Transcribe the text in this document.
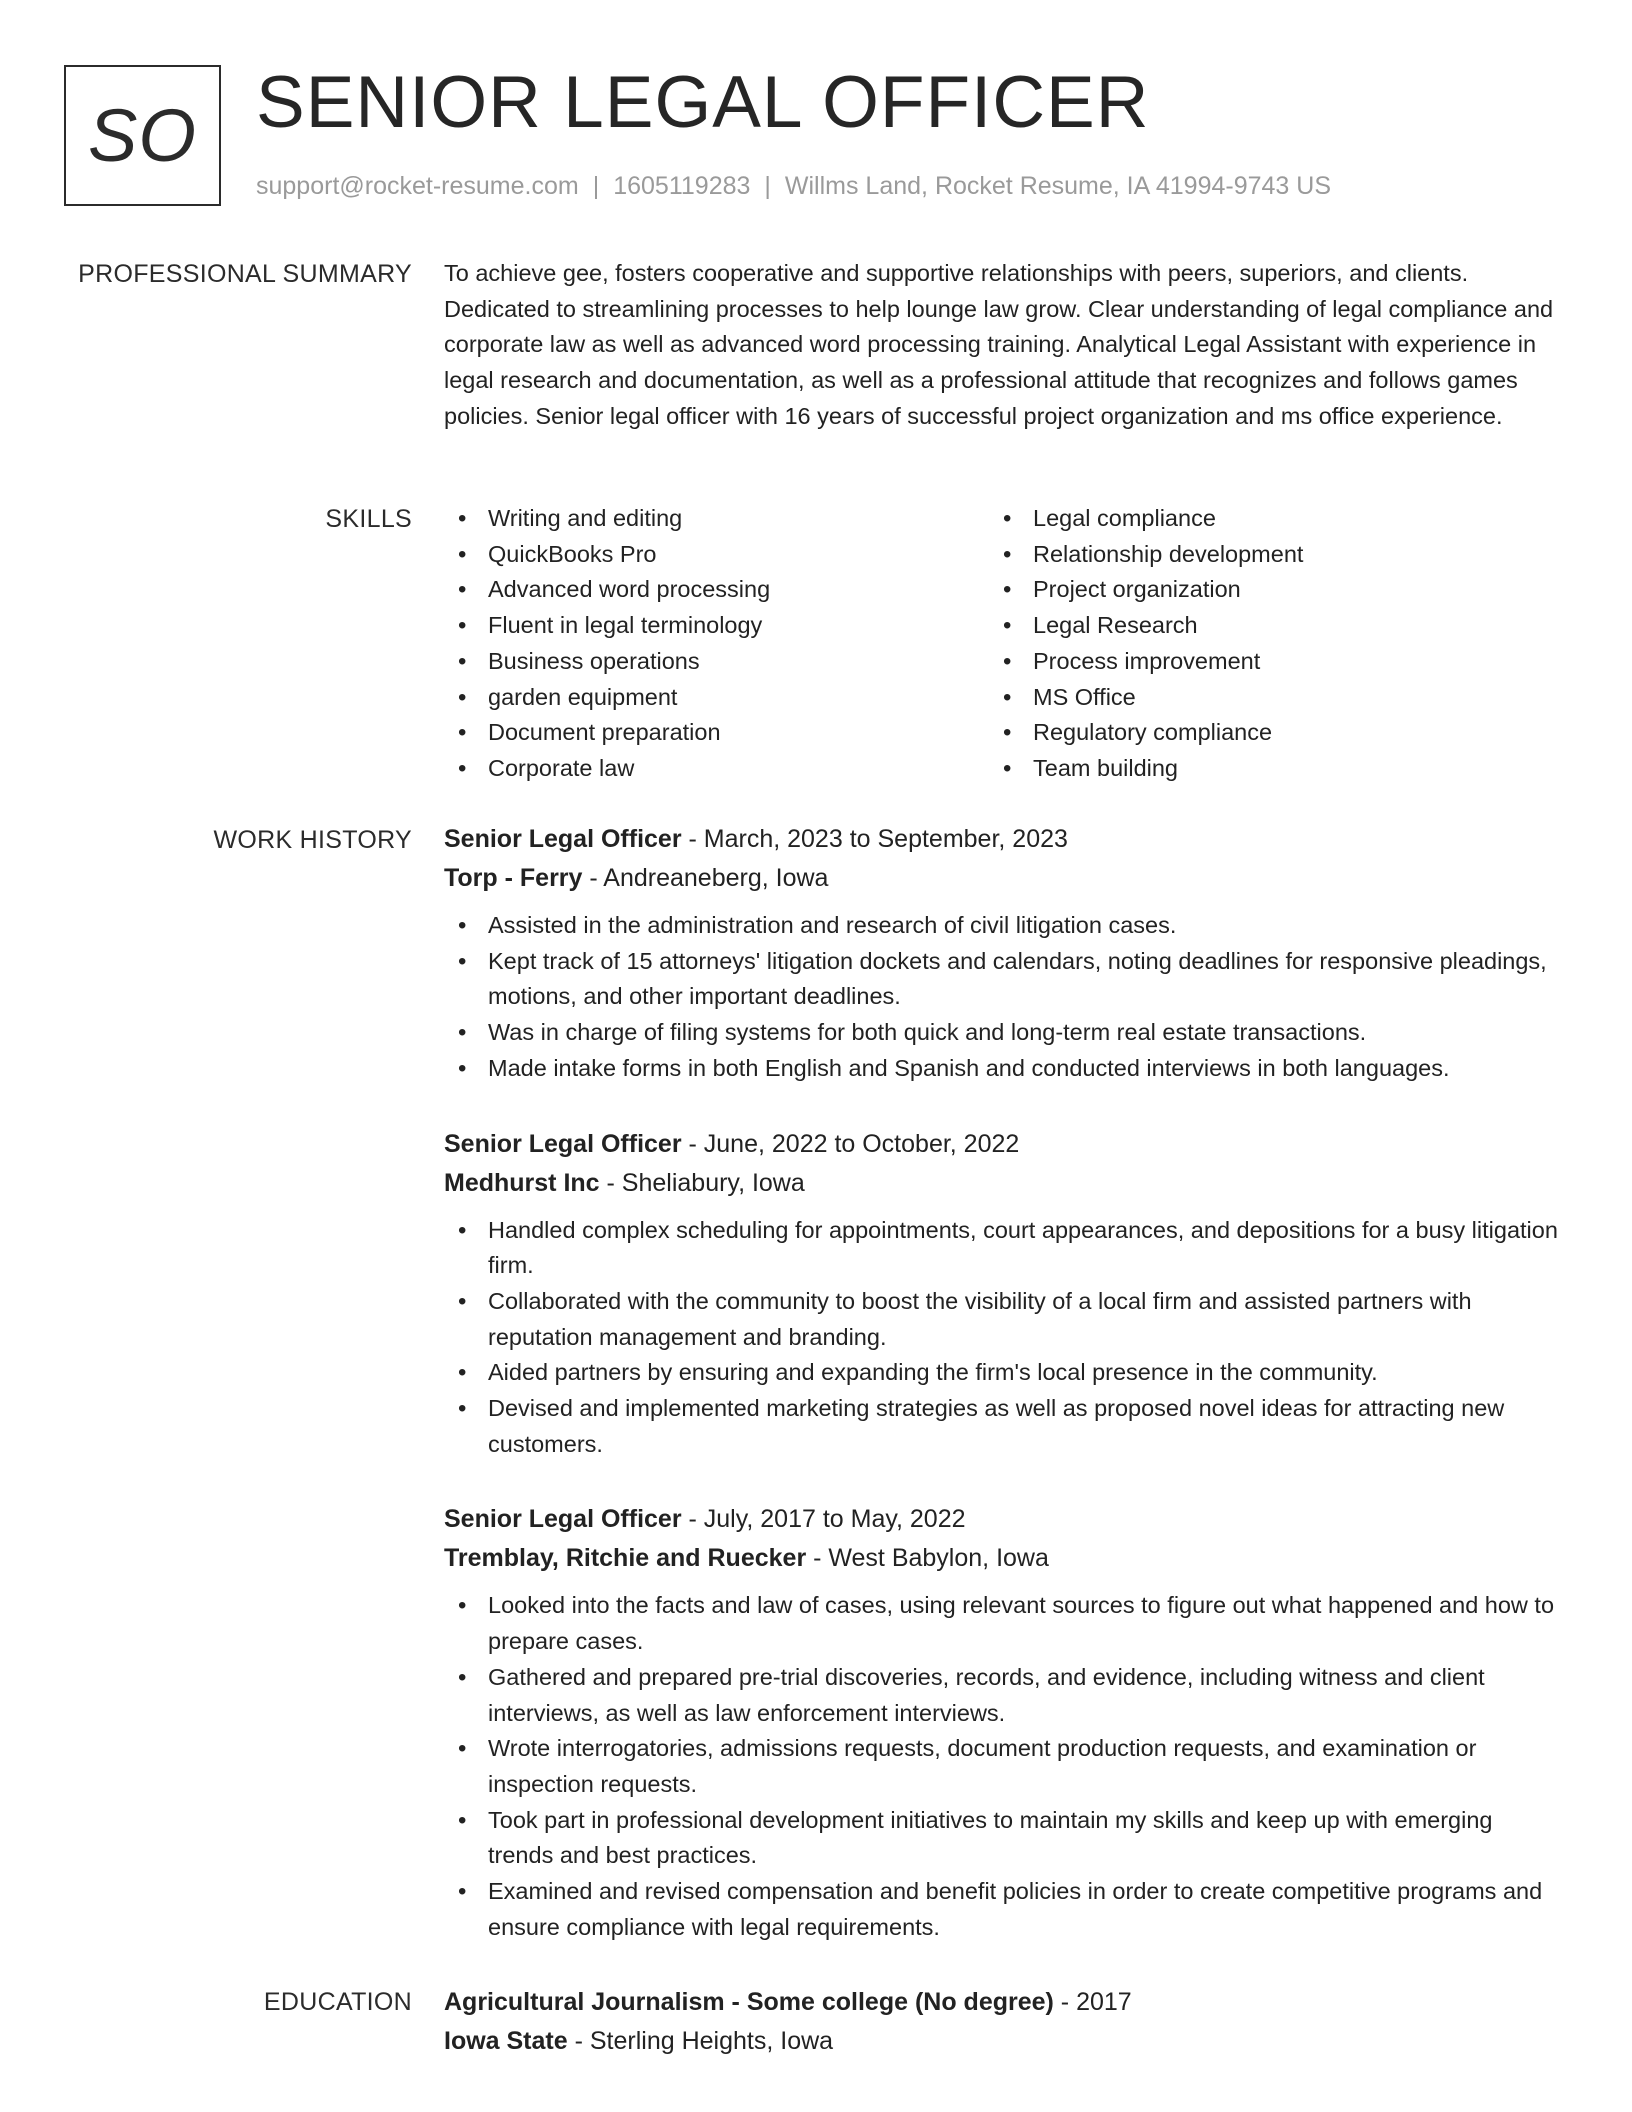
SO SENIOR LEGAL OFFICER
support@rocket-resume.com | 1605119283 | Willms Land, Rocket Resume, IA 41994-9743 US
PROFESSIONAL SUMMARY To achieve gee, fosters cooperative and supportive relationships with peers, superiors, and clients. Dedicated to streamlining processes to help lounge law grow. Clear understanding of legal compliance and corporate law as well as advanced word processing training. Analytical Legal Assistant with experience in legal research and documentation, as well as a professional attitude that recognizes and follows games policies. Senior legal officer with 16 years of successful project organization and ms office experience.

SKILLS
•	Writing and editing
• QuickBooks Pro
• Advanced word processing
• Fluent in legal terminology
• Business operations
• garden equipment
• Document preparation
• Corporate law
• Legal compliance
• Relationship development
• Project organization
• Legal Research
• Process improvement
• MS Office
• Regulatory compliance
• Team building
WORK HISTORY Senior Legal Officer - March, 2023 to September, 2023
Torp - Ferry - Andreaneberg, Iowa
• Assisted in the administration and research of civil litigation cases.
• Kept track of 15 attorneys' litigation dockets and calendars, noting deadlines for responsive pleadings, motions, and other important deadlines.
• Was in charge of filing systems for both quick and long-term real estate transactions.
• Made intake forms in both English and Spanish and conducted interviews in both languages.
Senior Legal Officer - June, 2022 to October, 2022
Medhurst Inc - Sheliabury, Iowa
• Handled complex scheduling for appointments, court appearances, and depositions for a busy litigation firm.
• Collaborated with the community to boost the visibility of a local firm and assisted partners with reputation management and branding.
• Aided partners by ensuring and expanding the firm's local presence in the community.
• Devised and implemented marketing strategies as well as proposed novel ideas for attracting new customers.
Senior Legal Officer - July, 2017 to May, 2022
Tremblay, Ritchie and Ruecker - West Babylon, Iowa
• Looked into the facts and law of cases, using relevant sources to figure out what happened and how to prepare cases.
• Gathered and prepared pre-trial discoveries, records, and evidence, including witness and client interviews, as well as law enforcement interviews.
• Wrote interrogatories, admissions requests, document production requests, and examination or inspection requests.
• Took part in professional development initiatives to maintain my skills and keep up with emerging trends and best practices.
• Examined and revised compensation and benefit policies in order to create competitive programs and ensure compliance with legal requirements.
EDUCATION Agricultural Journalism - Some college (No degree) - 2017
Iowa State - Sterling Heights, Iowa
